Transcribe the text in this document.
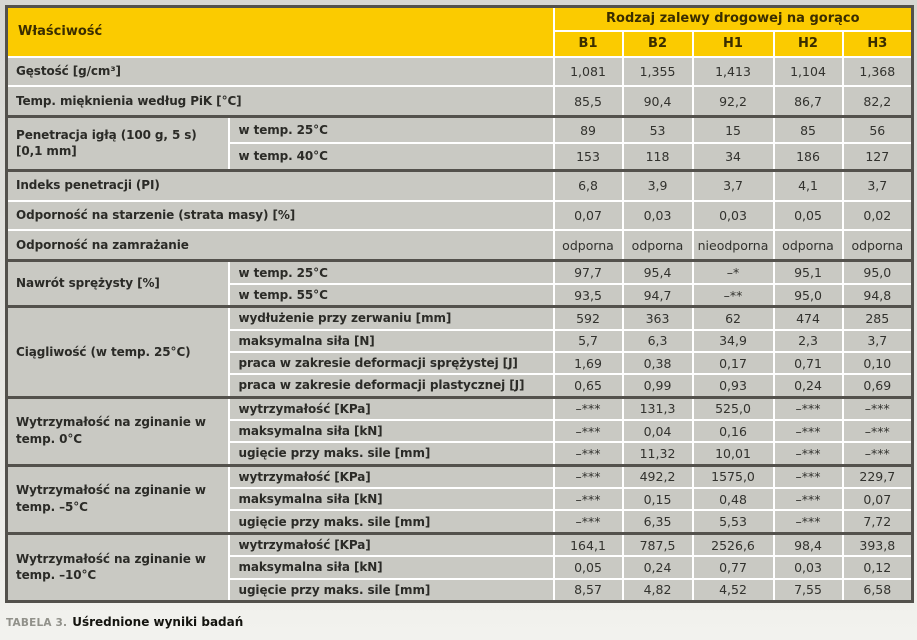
Właściwość		Rodzaj zalewy drogowej na gorąco				
		B1	B2	H1	H2	H3
Gęstość [g/cm³]		1,081	1,355	1,413	1,104	1,368
Temp. mięknienia według PiK [°C]		85,5	90,4	92,2	86,7	82,2
Penetracja igłą (100 g, 5 s) [0,1 mm]	w temp. 25°C	89	53	15	85	56
	w temp. 40°C	153	118	34	186	127
Indeks penetracji (PI)		6,8	3,9	3,7	4,1	3,7
Odporność na starzenie (strata masy) [%]		0,07	0,03	0,03	0,05	0,02
Odporność na zamrażanie		odporna	odporna	nieodporna	odporna	odporna
Nawrót sprężysty [%]	w temp. 25°C	97,7	95,4	–*	95,1	95,0
	w temp. 55°C	93,5	94,7	–**	95,0	94,8
Ciągliwość (w temp. 25°C)	wydłużenie przy zerwaniu [mm]	592	363	62	474	285
	maksymalna siła [N]	5,7	6,3	34,9	2,3	3,7
	praca w zakresie deformacji sprężystej [J]	1,69	0,38	0,17	0,71	0,10
	praca w zakresie deformacji plastycznej [J]	0,65	0,99	0,93	0,24	0,69
Wytrzymałość na zginanie w temp. 0°C	wytrzymałość [KPa]	–***	131,3	525,0	–***	–***
	maksymalna siła [kN]	–***	0,04	0,16	–***	–***
	ugięcie przy maks. sile [mm]	–***	11,32	10,01	–***	–***
Wytrzymałość na zginanie w temp. –5°C	wytrzymałość [KPa]	–***	492,2	1575,0	–***	229,7
	maksymalna siła [kN]	–***	0,15	0,48	–***	0,07
	ugięcie przy maks. sile [mm]	–***	6,35	5,53	–***	7,72
Wytrzymałość na zginanie w temp. –10°C	wytrzymałość [KPa]	164,1	787,5	2526,6	98,4	393,8
	maksymalna siła [kN]	0,05	0,24	0,77	0,03	0,12
	ugięcie przy maks. sile [mm]	8,57	4,82	4,52	7,55	6,58
TABELA 3. Uśrednione wyniki badań
